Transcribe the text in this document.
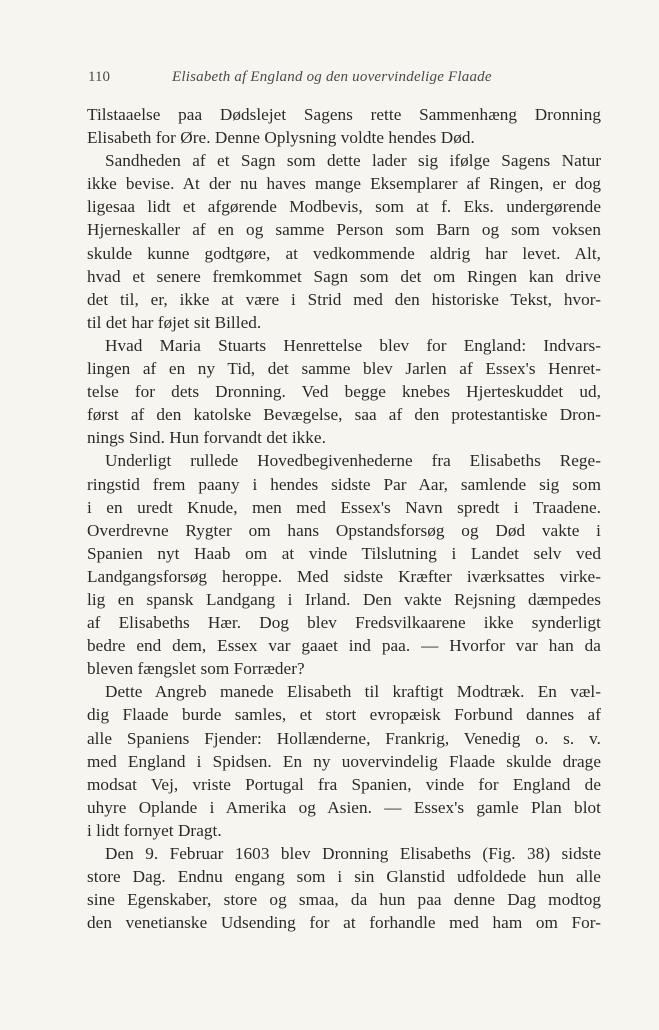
110	Elisabeth af England og den uovervindelige Flaade
Tilstaaelse paa Dødslejet Sagens rette Sammenhæng Dronning
Elisabeth for Øre. Denne Oplysning voldte hendes Død.
Sandheden af et Sagn som dette lader sig ifølge Sagens Natur
ikke bevise. At der nu haves mange Eksemplarer af Ringen, er dog
ligesaa lidt et afgørende Modbevis, som at f. Eks. undergørende
Hjerneskaller af en og samme Person som Barn og som voksen
skulde kunne godtgøre, at vedkommende aldrig har levet. Alt,
hvad et senere fremkommet Sagn som det om Ringen kan drive
det til, er, ikke at være i Strid med den historiske Tekst, hvor-
til det har føjet sit Billed.
Hvad Maria Stuarts Henrettelse blev for England: Indvars-
lingen af en ny Tid, det samme blev Jarlen af Essex's Henret-
telse for dets Dronning. Ved begge knebes Hjerteskuddet ud,
først af den katolske Bevægelse, saa af den protestantiske Dron-
nings Sind. Hun forvandt det ikke.
Underligt rullede Hovedbegivenhederne fra Elisabeths Rege-
ringstid frem paany i hendes sidste Par Aar, samlende sig som
i en uredt Knude, men med Essex's Navn spredt i Traadene.
Overdrevne Rygter om hans Opstandsforsøg og Død vakte i
Spanien nyt Haab om at vinde Tilslutning i Landet selv ved
Landgangsforsøg heroppe. Med sidste Kræfter iværksattes virke-
lig en spansk Landgang i Irland. Den vakte Rejsning dæmpedes
af Elisabeths Hær. Dog blev Fredsvilkaarene ikke synderligt
bedre end dem, Essex var gaaet ind paa. — Hvorfor var han da
bleven fængslet som Forræder?
Dette Angreb manede Elisabeth til kraftigt Modtræk. En væl-
dig Flaade burde samles, et stort evropæisk Forbund dannes af
alle Spaniens Fjender: Hollænderne, Frankrig, Venedig o. s. v.
med England i Spidsen. En ny uovervindelig Flaade skulde drage
modsat Vej, vriste Portugal fra Spanien, vinde for England de
uhyre Oplande i Amerika og Asien. — Essex's gamle Plan blot
i lidt fornyet Dragt.
Den 9. Februar 1603 blev Dronning Elisabeths (Fig. 38) sidste
store Dag. Endnu engang som i sin Glanstid udfoldede hun alle
sine Egenskaber, store og smaa, da hun paa denne Dag modtog
den venetianske Udsending for at forhandle med ham om For-
